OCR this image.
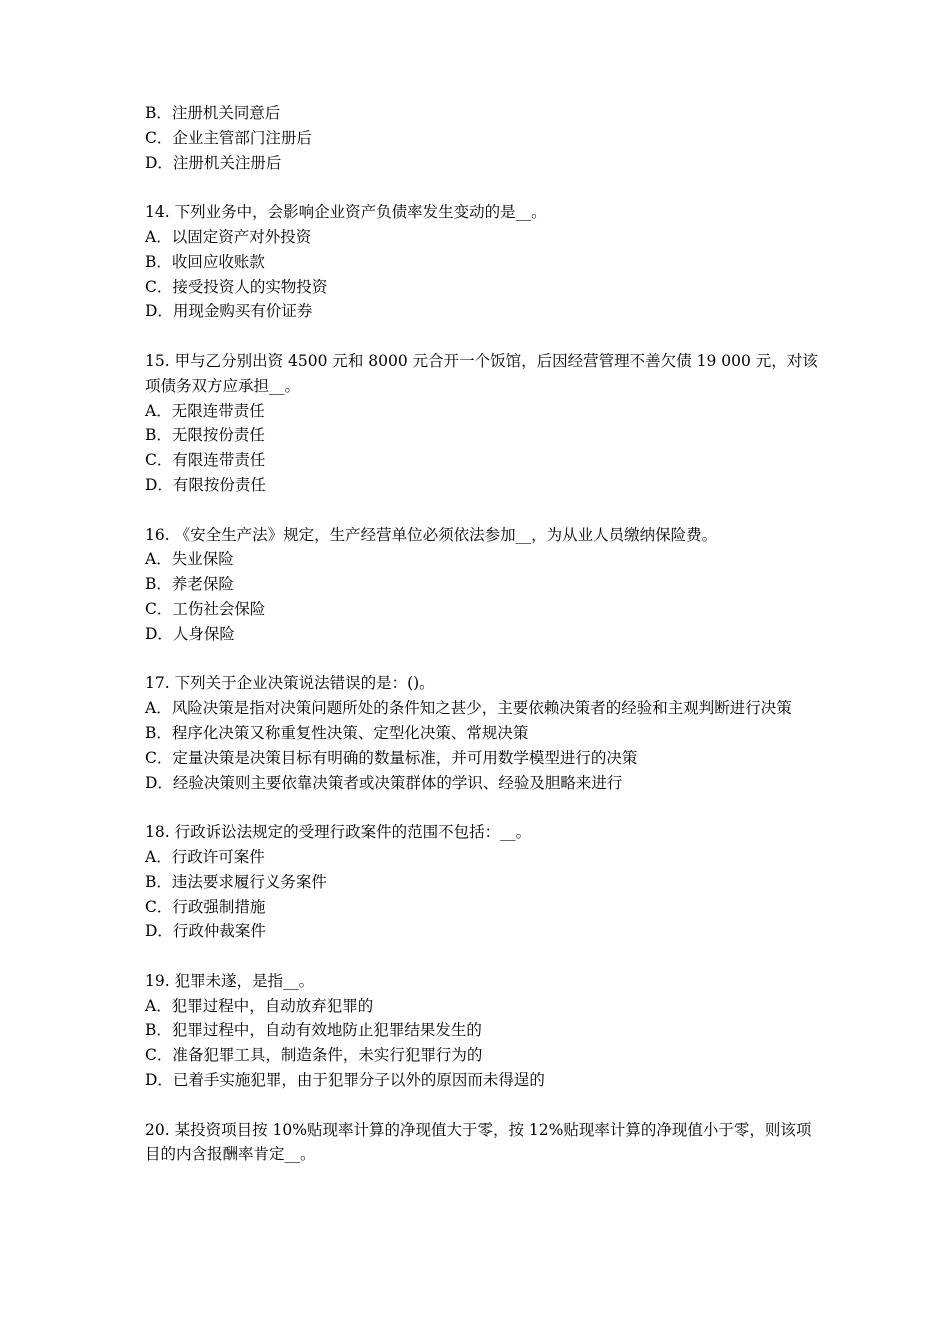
B．注册机关同意后
C．企业主管部门注册后
D．注册机关注册后
14. 下列业务中，会影响企业资产负债率发生变动的是__。
A．以固定资产对外投资
B．收回应收账款
C．接受投资人的实物投资
D．用现金购买有价证券
15. 甲与乙分别出资 4500 元和 8000 元合开一个饭馆，后因经营管理不善欠债 19 000 元，对该项债务双方应承担__。
A．无限连带责任
B．无限按份责任
C．有限连带责任
D．有限按份责任
16. 《安全生产法》规定，生产经营单位必须依法参加__，为从业人员缴纳保险费。
A．失业保险
B．养老保险
C．工伤社会保险
D．人身保险
17. 下列关于企业决策说法错误的是：()。
A．风险决策是指对决策问题所处的条件知之甚少，主要依赖决策者的经验和主观判断进行决策
B．程序化决策又称重复性决策、定型化决策、常规决策
C．定量决策是决策目标有明确的数量标准，并可用数学模型进行的决策
D．经验决策则主要依靠决策者或决策群体的学识、经验及胆略来进行
18. 行政诉讼法规定的受理行政案件的范围不包括：__。
A．行政许可案件
B．违法要求履行义务案件
C．行政强制措施
D．行政仲裁案件
19. 犯罪未遂，是指__。
A．犯罪过程中，自动放弃犯罪的
B．犯罪过程中，自动有效地防止犯罪结果发生的
C．准备犯罪工具，制造条件，未实行犯罪行为的
D．已着手实施犯罪，由于犯罪分子以外的原因而未得逞的
20. 某投资项目按 10%贴现率计算的净现值大于零，按 12%贴现率计算的净现值小于零，则该项目的内含报酬率肯定__。
